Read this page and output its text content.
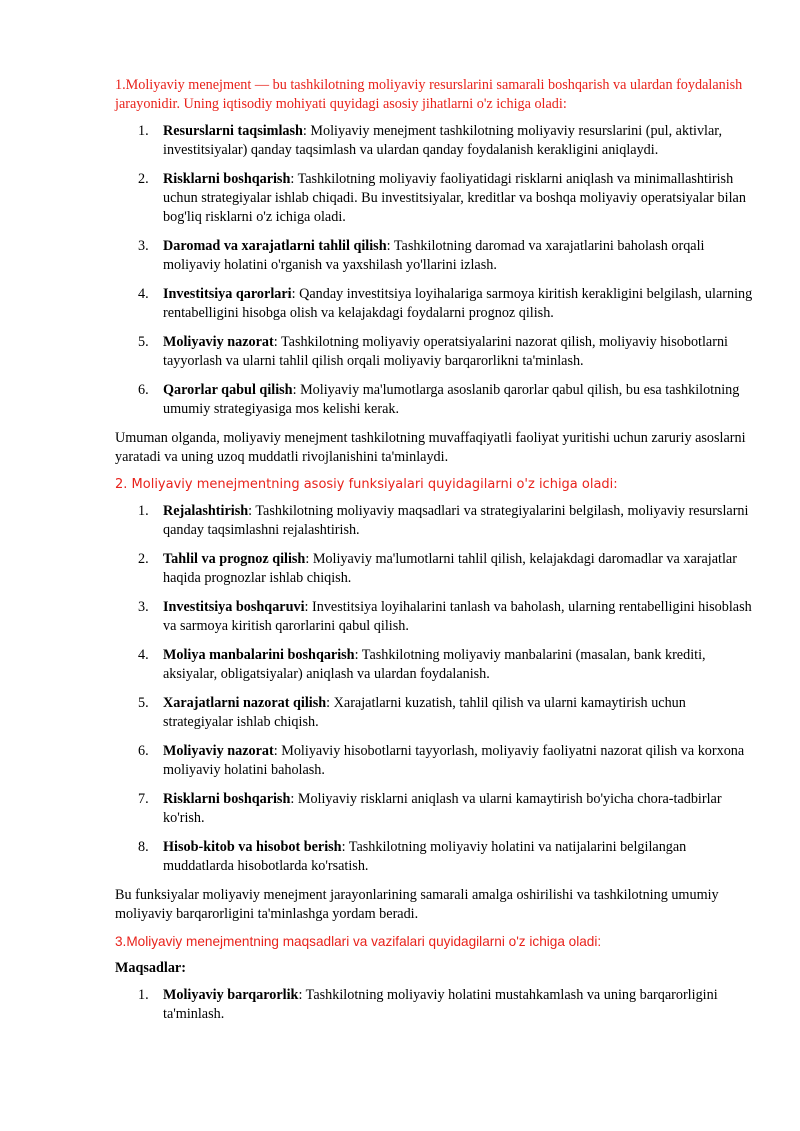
1.Moliyaviy menejment — bu tashkilotning moliyaviy resurslarini samarali boshqarish va ulardan foydalanish jarayonidir. Uning iqtisodiy mohiyati quyidagi asosiy jihatlarni o'z ichiga oladi:

1. Resurslarni taqsimlash: Moliyaviy menejment tashkilotning moliyaviy resurslarini (pul, aktivlar, investitsiyalar) qanday taqsimlash va ulardan qanday foydalanish kerakligini aniqlaydi.
2. Risklarni boshqarish: Tashkilotning moliyaviy faoliyatidagi risklarni aniqlash va minimallashtirish uchun strategiyalar ishlab chiqadi. Bu investitsiyalar, kreditlar va boshqa moliyaviy operatsiyalar bilan bog'liq risklarni o'z ichiga oladi.
3. Daromad va xarajatlarni tahlil qilish: Tashkilotning daromad va xarajatlarini baholash orqali moliyaviy holatini o'rganish va yaxshilash yo'llarini izlash.
4. Investitsiya qarorlari: Qanday investitsiya loyihalariga sarmoya kiritish kerakligini belgilash, ularning rentabelligini hisobga olish va kelajakdagi foydalarni prognoz qilish.
5. Moliyaviy nazorat: Tashkilotning moliyaviy operatsiyalarini nazorat qilish, moliyaviy hisobotlarni tayyorlash va ularni tahlil qilish orqali moliyaviy barqarorlikni ta'minlash.
6. Qarorlar qabul qilish: Moliyaviy ma'lumotlarga asoslanib qarorlar qabul qilish, bu esa tashkilotning umumiy strategiyasiga mos kelishi kerak.

Umuman olganda, moliyaviy menejment tashkilotning muvaffaqiyatli faoliyat yuritishi uchun zaruriy asoslarni yaratadi va uning uzoq muddatli rivojlanishini ta'minlaydi.

2. Moliyaviy menejmentning asosiy funksiyalari quyidagilarni o'z ichiga oladi:

1. Rejalashtirish: Tashkilotning moliyaviy maqsadlari va strategiyalarini belgilash, moliyaviy resurslarni qanday taqsimlashni rejalashtirish.
2. Tahlil va prognoz qilish: Moliyaviy ma'lumotlarni tahlil qilish, kelajakdagi daromadlar va xarajatlar haqida prognozlar ishlab chiqish.
3. Investitsiya boshqaruvi: Investitsiya loyihalarini tanlash va baholash, ularning rentabelligini hisoblash va sarmoya kiritish qarorlarini qabul qilish.
4. Moliya manbalarini boshqarish: Tashkilotning moliyaviy manbalarini (masalan, bank krediti, aksiyalar, obligatsiyalar) aniqlash va ulardan foydalanish.
5. Xarajatlarni nazorat qilish: Xarajatlarni kuzatish, tahlil qilish va ularni kamaytirish uchun strategiyalar ishlab chiqish.
6. Moliyaviy nazorat: Moliyaviy hisobotlarni tayyorlash, moliyaviy faoliyatni nazorat qilish va korxona moliyaviy holatini baholash.
7. Risklarni boshqarish: Moliyaviy risklarni aniqlash va ularni kamaytirish bo'yicha chora-tadbirlar ko'rish.
8. Hisob-kitob va hisobot berish: Tashkilotning moliyaviy holatini va natijalarini belgilangan muddatlarda hisobotlarda ko'rsatish.

Bu funksiyalar moliyaviy menejment jarayonlarining samarali amalga oshirilishi va tashkilotning umumiy moliyaviy barqarorligini ta'minlashga yordam beradi.

3.Moliyaviy menejmentning maqsadlari va vazifalari quyidagilarni o'z ichiga oladi:

Maqsadlar:

1. Moliyaviy barqarorlik: Tashkilotning moliyaviy holatini mustahkamlash va uning barqarorligini ta'minlash.
